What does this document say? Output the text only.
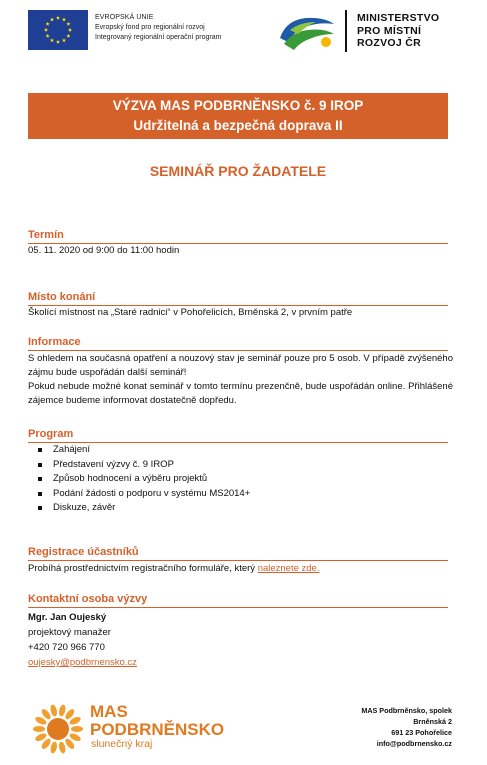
EVROPSKÁ UNIE
Evropský fond pro regionální rozvoj
Integrovaný regionální operační program
MINISTERSTVO
PRO MÍSTNÍ
ROZVOJ ČR
VÝZVA MAS PODBRNĚNSKO č. 9 IROP
Udržitelná a bezpečná doprava II
SEMINÁŘ PRO ŽADATELE
Termín
05. 11. 2020 od 9:00 do 11:00 hodin
Místo konání
Školící místnost na „Staré radnici“ v Pohořelicích, Brněnská 2, v prvním patře
Informace
S ohledem na současná opatření a nouzový stav je seminář pouze pro 5 osob. V případě zvýšeného zájmu bude uspořádán další seminář!
Pokud nebude možné konat seminář v tomto termínu prezenčně, bude uspořádán online. Přihlášené zájemce budeme informovat dostatečně dopředu.
Program
Zahájení
Představení výzvy č. 9 IROP
Způsob hodnocení a výběru projektů
Podání žádosti o podporu v systému MS2014+
Diskuze, závěr
Registrace účastníků
Probíhá prostřednictvím registračního formuláře, který naleznete zde.
Kontaktní osoba výzvy
Mgr. Jan Oujeský
projektový manažer
+420 720 966 770
oujesky@podbrnensko.cz
MAS
PODBRNĚNSKO
slunečný kraj
MAS Podbrněnsko, spolek
Brněnská 2
691 23 Pohořelice
info@podbrnensko.cz
